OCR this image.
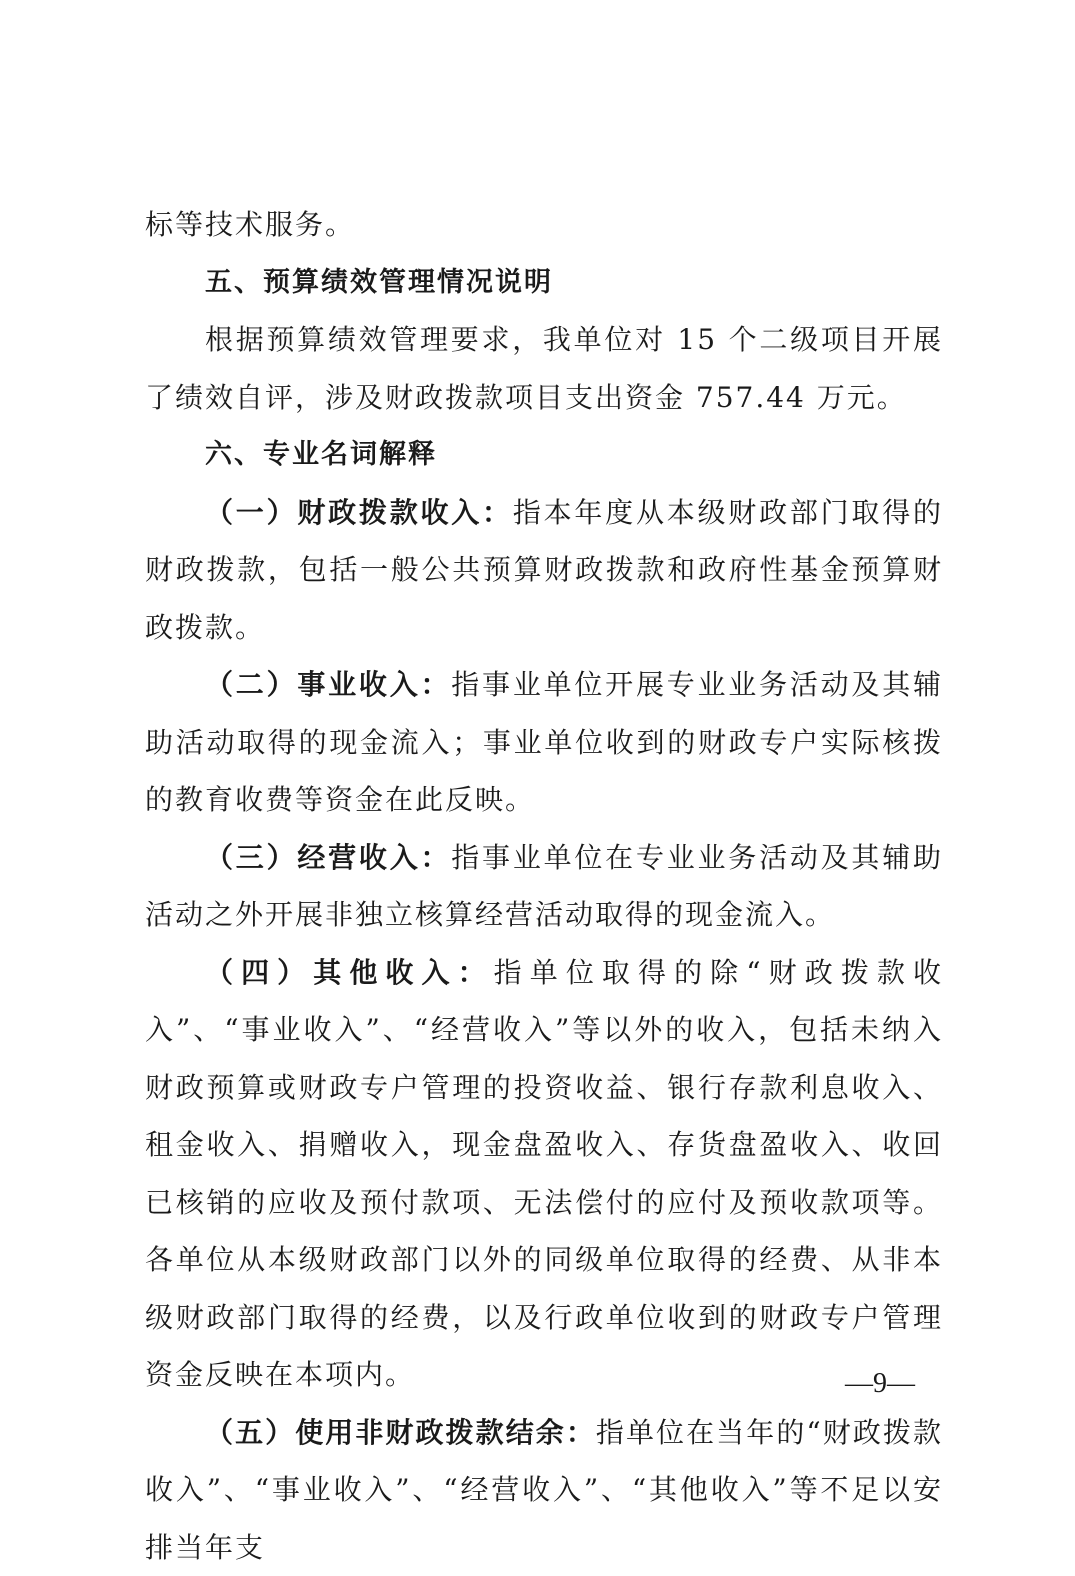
标等技术服务。

五、预算绩效管理情况说明

根据预算绩效管理要求，我单位对 15 个二级项目开展了绩效自评，涉及财政拨款项目支出资金 757.44 万元。

六、专业名词解释

（一）财政拨款收入：指本年度从本级财政部门取得的财政拨款，包括一般公共预算财政拨款和政府性基金预算财政拨款。

（二）事业收入：指事业单位开展专业业务活动及其辅助活动取得的现金流入；事业单位收到的财政专户实际核拨的教育收费等资金在此反映。

（三）经营收入：指事业单位在专业业务活动及其辅助活动之外开展非独立核算经营活动取得的现金流入。

（四）其他收入：指单位取得的除“财政拨款收入”、“事业收入”、“经营收入”等以外的收入，包括未纳入财政预算或财政专户管理的投资收益、银行存款利息收入、租金收入、捐赠收入，现金盘盈收入、存货盘盈收入、收回已核销的应收及预付款项、无法偿付的应付及预收款项等。各单位从本级财政部门以外的同级单位取得的经费、从非本级财政部门取得的经费，以及行政单位收到的财政专户管理资金反映在本项内。

（五）使用非财政拨款结余：指单位在当年的“财政拨款收入”、“事业收入”、“经营收入”、“其他收入”等不足以安排当年支

—9—
